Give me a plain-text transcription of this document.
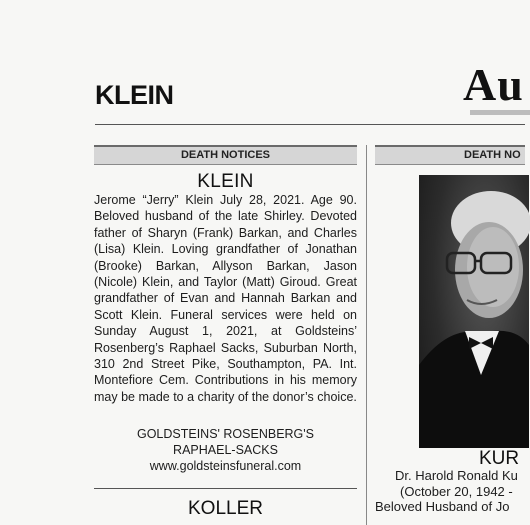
KLEIN	Au
DEATH NOTICES	DEATH NO
KLEIN
Jerome “Jerry” Klein July 28, 2021. Age 90. Beloved husband of the late Shirley. Devoted father of Sharyn (Frank) Barkan, and Charles (Lisa) Klein. Loving grandfather of Jonathan (Brooke) Barkan, Allyson Barkan, Jason (Nicole) Klein, and Taylor (Matt) Giroud. Great grandfather of Evan and Hannah Barkan and Scott Klein. Funeral services were held on Sunday August 1, 2021, at Goldsteins’ Rosenberg’s Raphael Sacks, Suburban North, 310 2nd Street Pike, Southampton, PA. Int. Montefiore Cem. Contributions in his memory may be made to a charity of the donor’s choice.
GOLDSTEINS' ROSENBERG'S
RAPHAEL-SACKS
www.goldsteinsfuneral.com
KOLLER
KUR
Dr. Harold Ronald Ku
(October 20, 1942 -
Beloved Husband of Jo
